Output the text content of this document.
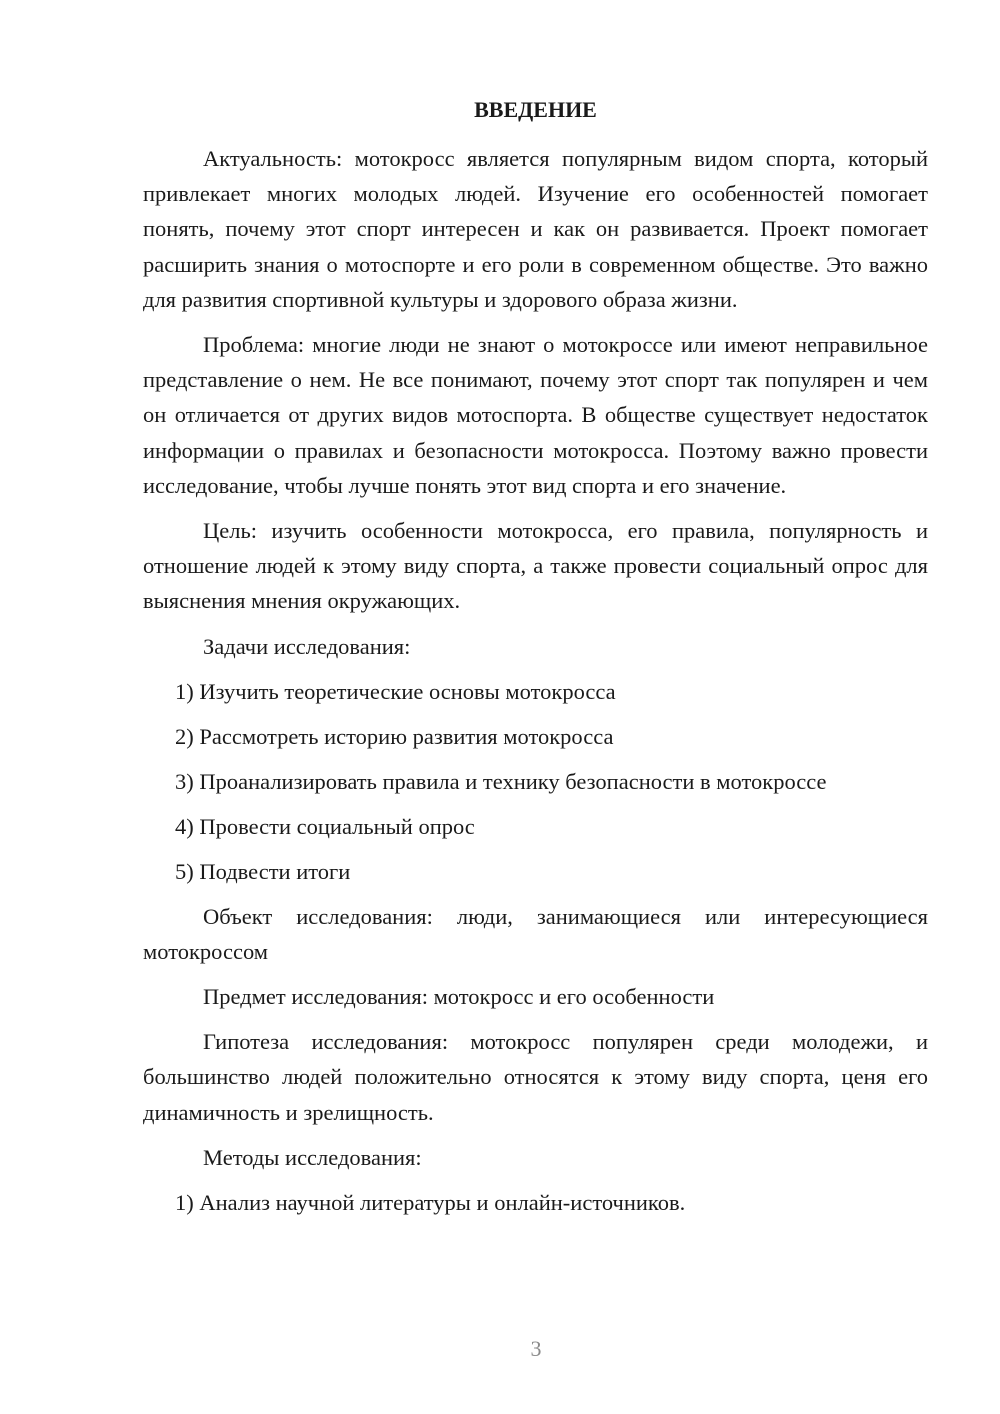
ВВЕДЕНИЕ

Актуальность: мотокросс является популярным видом спорта, который привлекает многих молодых людей. Изучение его особенностей помогает понять, почему этот спорт интересен и как он развивается. Проект помогает расширить знания о мотоспорте и его роли в современном обществе. Это важно для развития спортивной культуры и здорового образа жизни.

Проблема: многие люди не знают о мотокроссе или имеют неправильное представление о нем. Не все понимают, почему этот спорт так популярен и чем он отличается от других видов мотоспорта. В обществе существует недостаток информации о правилах и безопасности мотокросса. Поэтому важно провести исследование, чтобы лучше понять этот вид спорта и его значение.

Цель: изучить особенности мотокросса, его правила, популярность и отношение людей к этому виду спорта, а также провести социальный опрос для выяснения мнения окружающих.

Задачи исследования:

1) Изучить теоретические основы мотокросса
2) Рассмотреть историю развития мотокросса
3) Проанализировать правила и технику безопасности в мотокроссе
4) Провести социальный опрос
5) Подвести итоги

Объект исследования: люди, занимающиеся или интересующиеся мотокроссом

Предмет исследования: мотокросс и его особенности

Гипотеза исследования: мотокросс популярен среди молодежи, и большинство людей положительно относятся к этому виду спорта, ценя его динамичность и зрелищность.

Методы исследования:

1) Анализ научной литературы и онлайн-источников.
3
